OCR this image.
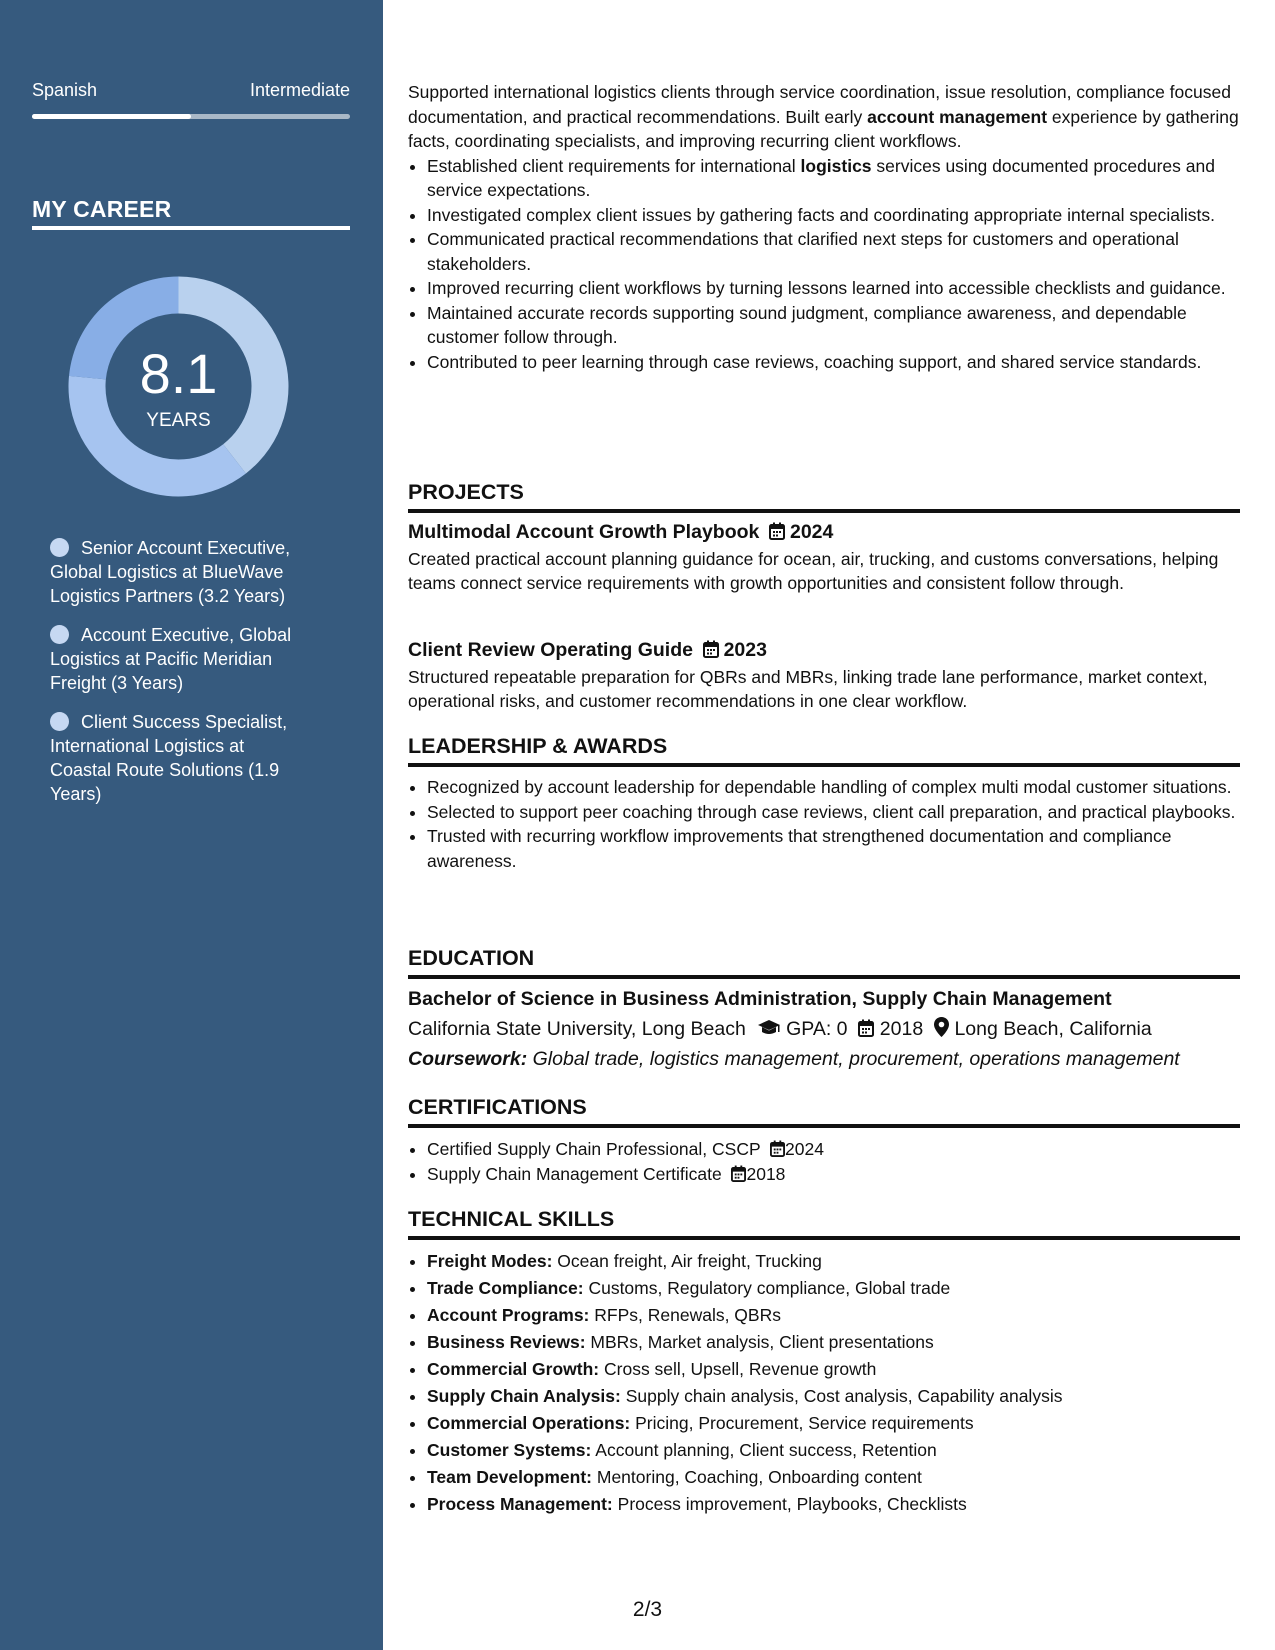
Spanish	Intermediate
MY CAREER
8.1
YEARS
Senior Account Executive, Global Logistics at BlueWave Logistics Partners (3.2 Years)
Account Executive, Global Logistics at Pacific Meridian Freight (3 Years)
Client Success Specialist, International Logistics at Coastal Route Solutions (1.9 Years)
Supported international logistics clients through service coordination, issue resolution, compliance focused documentation, and practical recommendations. Built early account management experience by gathering facts, coordinating specialists, and improving recurring client workflows.
• Established client requirements for international logistics services using documented procedures and service expectations.
• Investigated complex client issues by gathering facts and coordinating appropriate internal specialists.
• Communicated practical recommendations that clarified next steps for customers and operational stakeholders.
• Improved recurring client workflows by turning lessons learned into accessible checklists and guidance.
• Maintained accurate records supporting sound judgment, compliance awareness, and dependable customer follow through.
• Contributed to peer learning through case reviews, coaching support, and shared service standards.
PROJECTS
Multimodal Account Growth Playbook 2024
Created practical account planning guidance for ocean, air, trucking, and customs conversations, helping teams connect service requirements with growth opportunities and consistent follow through.
Client Review Operating Guide 2023
Structured repeatable preparation for QBRs and MBRs, linking trade lane performance, market context, operational risks, and customer recommendations in one clear workflow.
LEADERSHIP & AWARDS
• Recognized by account leadership for dependable handling of complex multi modal customer situations.
• Selected to support peer coaching through case reviews, client call preparation, and practical playbooks.
• Trusted with recurring workflow improvements that strengthened documentation and compliance awareness.
EDUCATION
Bachelor of Science in Business Administration, Supply Chain Management
California State University, Long Beach GPA: 0 2018 Long Beach, California
Coursework: Global trade, logistics management, procurement, operations management
CERTIFICATIONS
• Certified Supply Chain Professional, CSCP 2024
• Supply Chain Management Certificate 2018
TECHNICAL SKILLS
• Freight Modes: Ocean freight, Air freight, Trucking
• Trade Compliance: Customs, Regulatory compliance, Global trade
• Account Programs: RFPs, Renewals, QBRs
• Business Reviews: MBRs, Market analysis, Client presentations
• Commercial Growth: Cross sell, Upsell, Revenue growth
• Supply Chain Analysis: Supply chain analysis, Cost analysis, Capability analysis
• Commercial Operations: Pricing, Procurement, Service requirements
• Customer Systems: Account planning, Client success, Retention
• Team Development: Mentoring, Coaching, Onboarding content
• Process Management: Process improvement, Playbooks, Checklists
2/3
